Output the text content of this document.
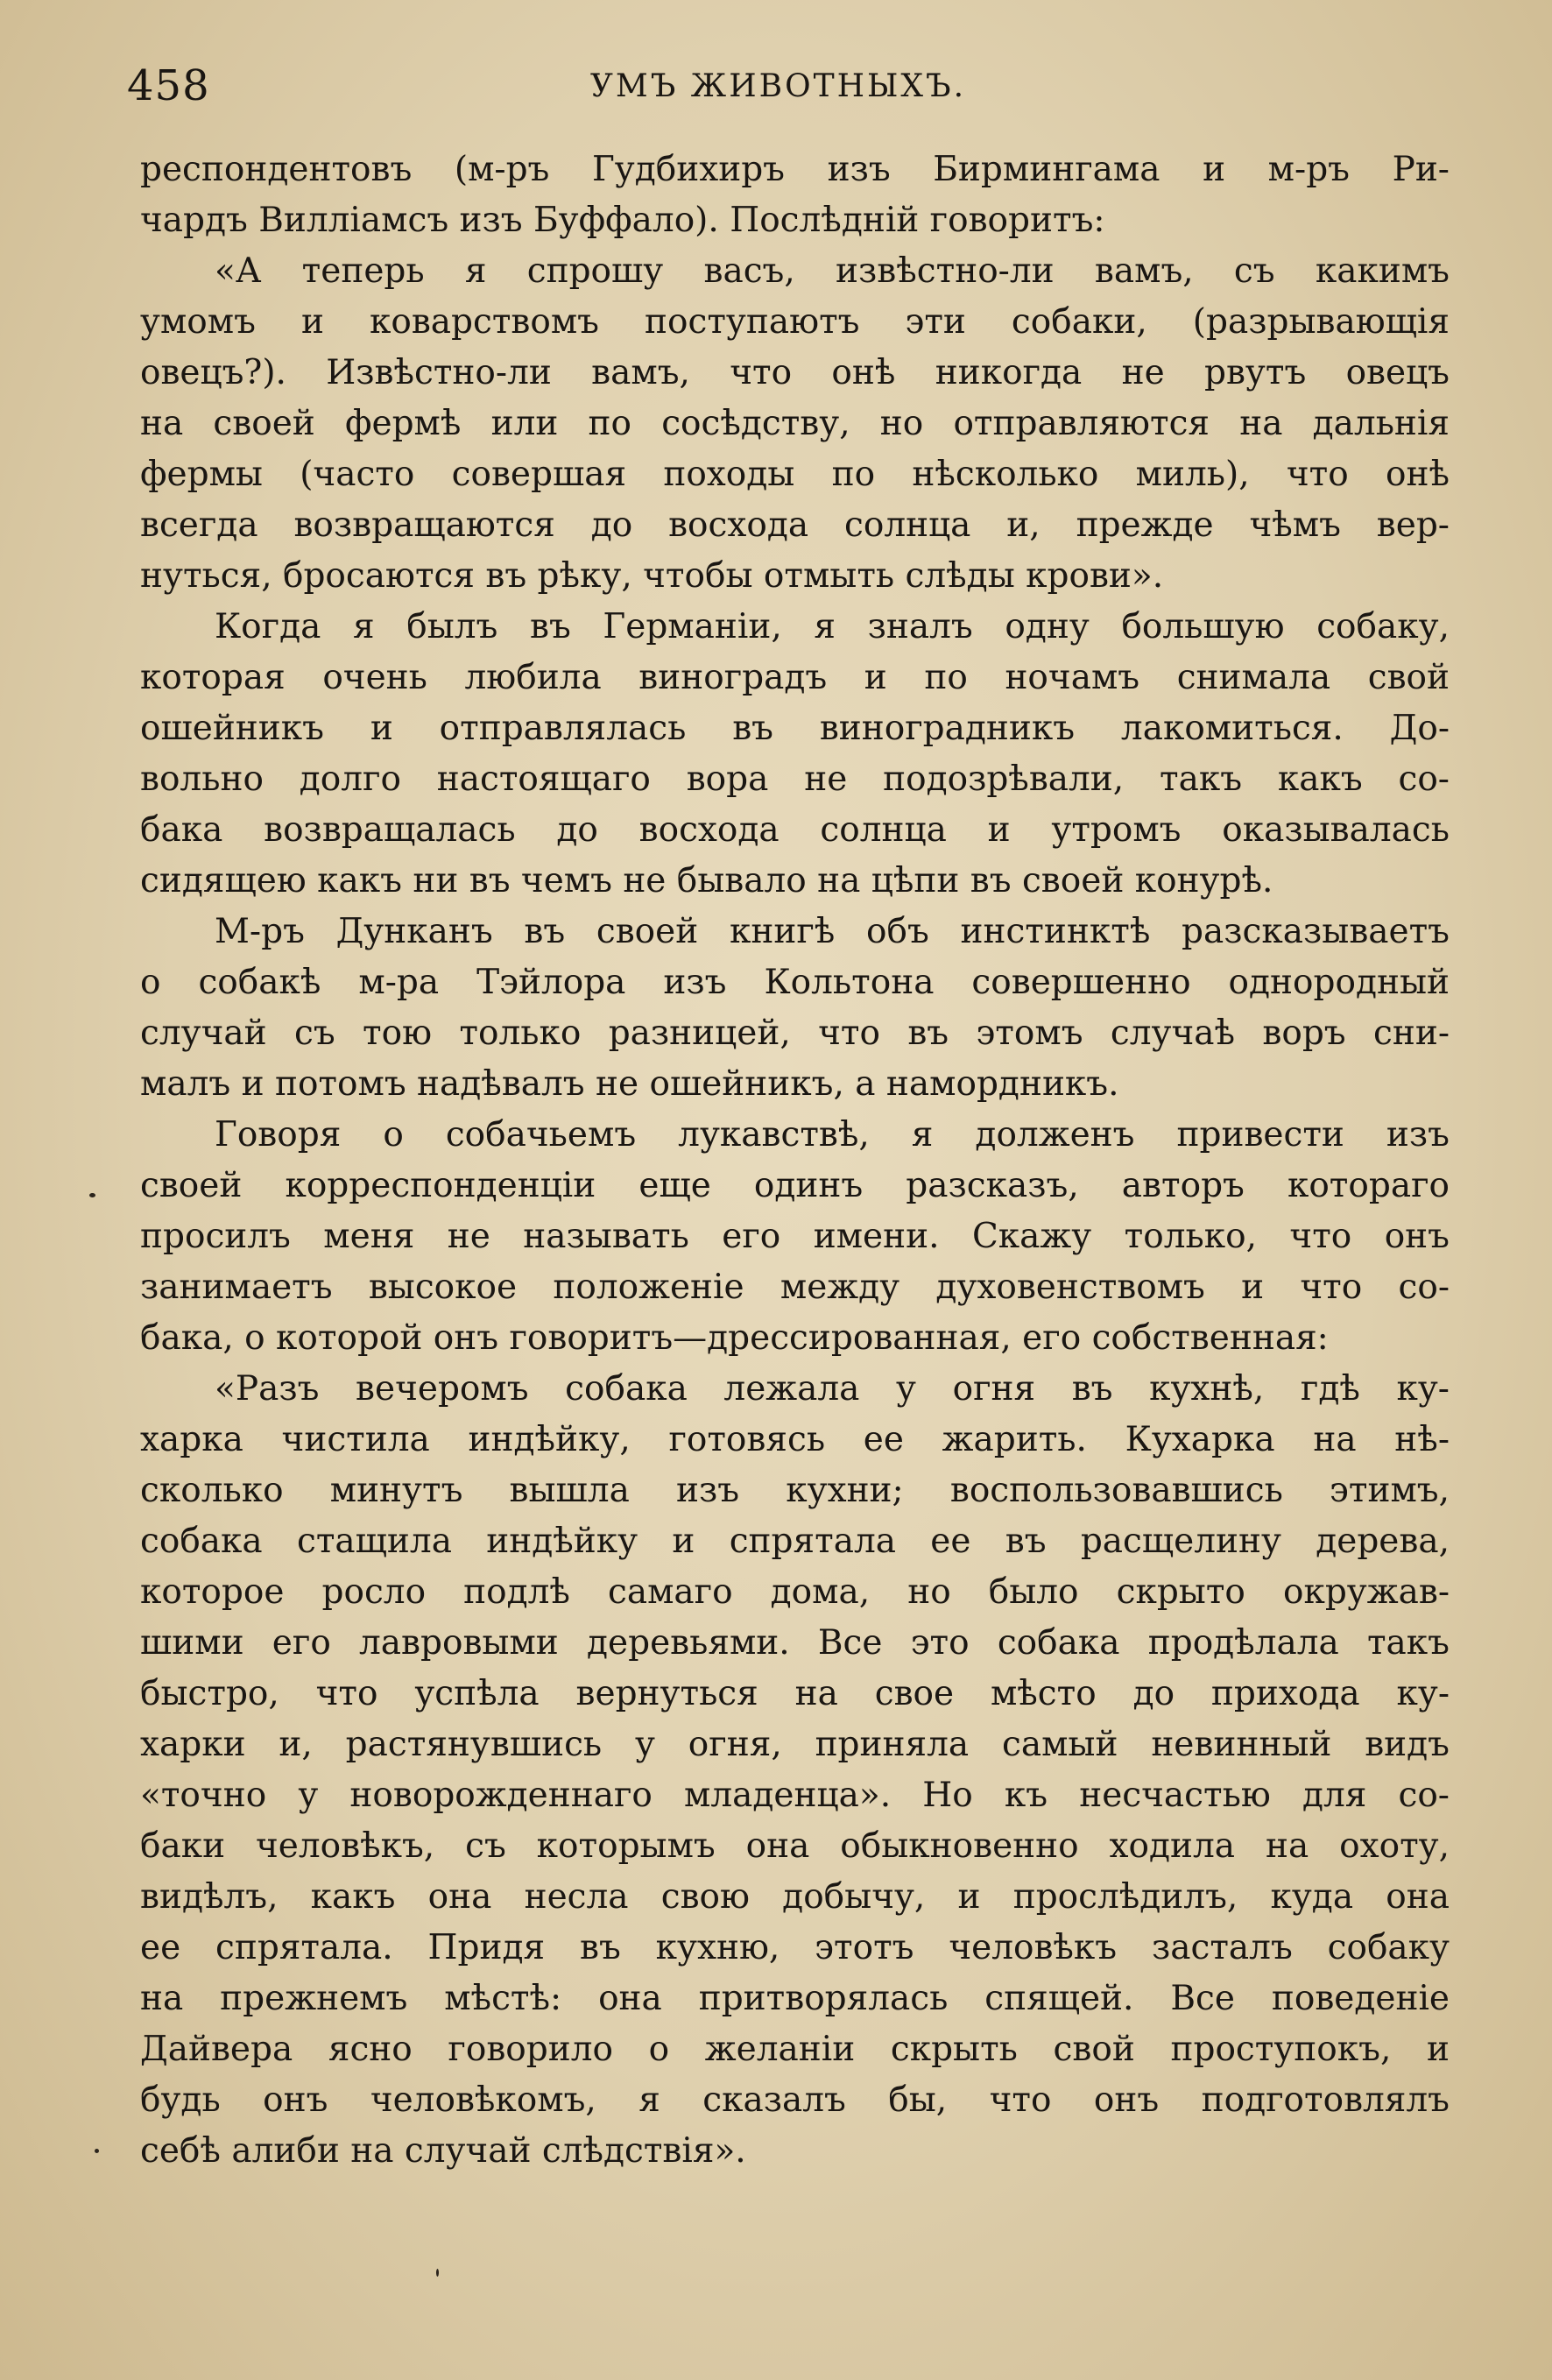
458	УМЪ ЖИВОТНЫХЪ.
респондентовъ (м-ръ Гудбихиръ изъ Бирмингама и м-ръ Ри-
чардъ Вилліамсъ изъ Буффало). Послѣдній говоритъ:
«А теперь я спрошу васъ, извѣстно-ли вамъ, съ какимъ
умомъ и коварствомъ поступаютъ эти собаки, (разрывающія
овецъ?). Извѣстно-ли вамъ, что онѣ никогда не рвутъ овецъ
на своей фермѣ или по сосѣдству, но отправляются на дальнія
фермы (часто совершая походы по нѣсколько миль), что онѣ
всегда возвращаются до восхода солнца и, прежде чѣмъ вер-
нуться, бросаются въ рѣку, чтобы отмыть слѣды крови».
Когда я былъ въ Германіи, я зналъ одну большую собаку,
которая очень любила виноградъ и по ночамъ снимала свой
ошейникъ и отправлялась въ виноградникъ лакомиться. До-
вольно долго настоящаго вора не подозрѣвали, такъ какъ со-
бака возвращалась до восхода солнца и утромъ оказывалась
сидящею какъ ни въ чемъ не бывало на цѣпи въ своей конурѣ.
М-ръ Дунканъ въ своей книгѣ объ инстинктѣ разсказываетъ
о собакѣ м-ра Тэйлора изъ Кольтона совершенно однородный
случай съ тою только разницей, что въ этомъ случаѣ воръ сни-
малъ и потомъ надѣвалъ не ошейникъ, а намордникъ.
Говоря о собачьемъ лукавствѣ, я долженъ привести изъ
своей корреспонденціи еще одинъ разсказъ, авторъ котораго
просилъ меня не называть его имени. Скажу только, что онъ
занимаетъ высокое положеніе между духовенствомъ и что со-
бака, о которой онъ говоритъ—дрессированная, его собственная:
«Разъ вечеромъ собака лежала у огня въ кухнѣ, гдѣ ку-
харка чистила индѣйку, готовясь ее жарить. Кухарка на нѣ-
сколько минутъ вышла изъ кухни; воспользовавшись этимъ,
собака стащила индѣйку и спрятала ее въ расщелину дерева,
которое росло подлѣ самаго дома, но было скрыто окружав-
шими его лавровыми деревьями. Все это собака продѣлала такъ
быстро, что успѣла вернуться на свое мѣсто до прихода ку-
харки и, растянувшись у огня, приняла самый невинный видъ
«точно у новорожденнаго младенца». Но къ несчастью для со-
баки человѣкъ, съ которымъ она обыкновенно ходила на охоту,
видѣлъ, какъ она несла свою добычу, и прослѣдилъ, куда она
ее спрятала. Придя въ кухню, этотъ человѣкъ засталъ собаку
на прежнемъ мѣстѣ: она притворялась спящей. Все поведеніе
Дайвера ясно говорило о желаніи скрыть свой проступокъ, и
будь онъ человѣкомъ, я сказалъ бы, что онъ подготовлялъ
себѣ алиби на случай слѣдствія».
